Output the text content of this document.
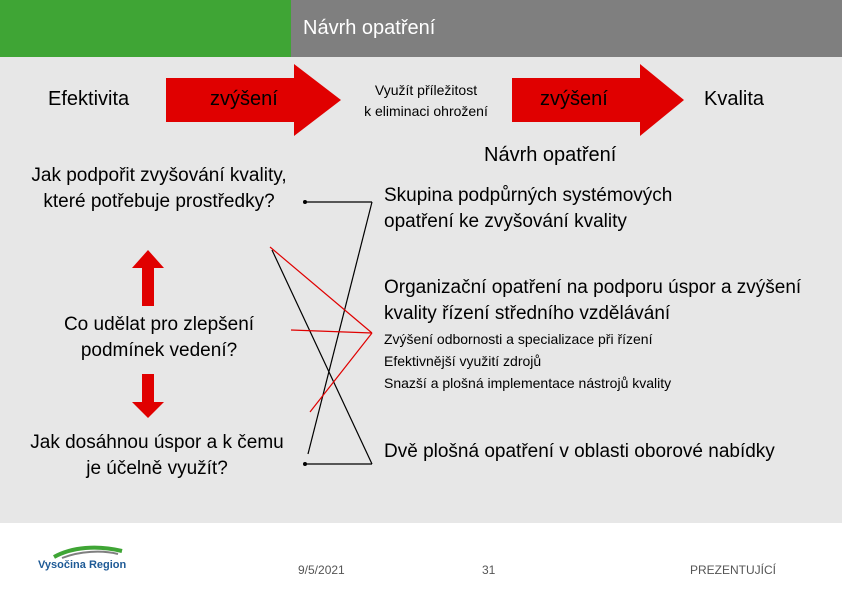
Návrh opatření
Efektivita	zvýšení	Využít příležitost
k eliminaci ohrožení
zvýšení	Kvalita
Jak podpořit zvyšování kvality, které potřebuje prostředky?
Co udělat pro zlepšení podmínek vedení?
Jak dosáhnou úspor a k čemu je účelně využít?
Návrh opatření
Skupina podpůrných systémových opatření ke zvyšování kvality
Organizační opatření na podporu úspor a zvýšení kvality řízení středního vzdělávání
Zvýšení odbornosti a specializace při řízení
Efektivnější využití zdrojů
Snazší a plošná implementace nástrojů kvality
Dvě plošná opatření v oblasti oborové nabídky
Vysočina Region	9/5/2021	31	PREZENTUJÍCÍ
